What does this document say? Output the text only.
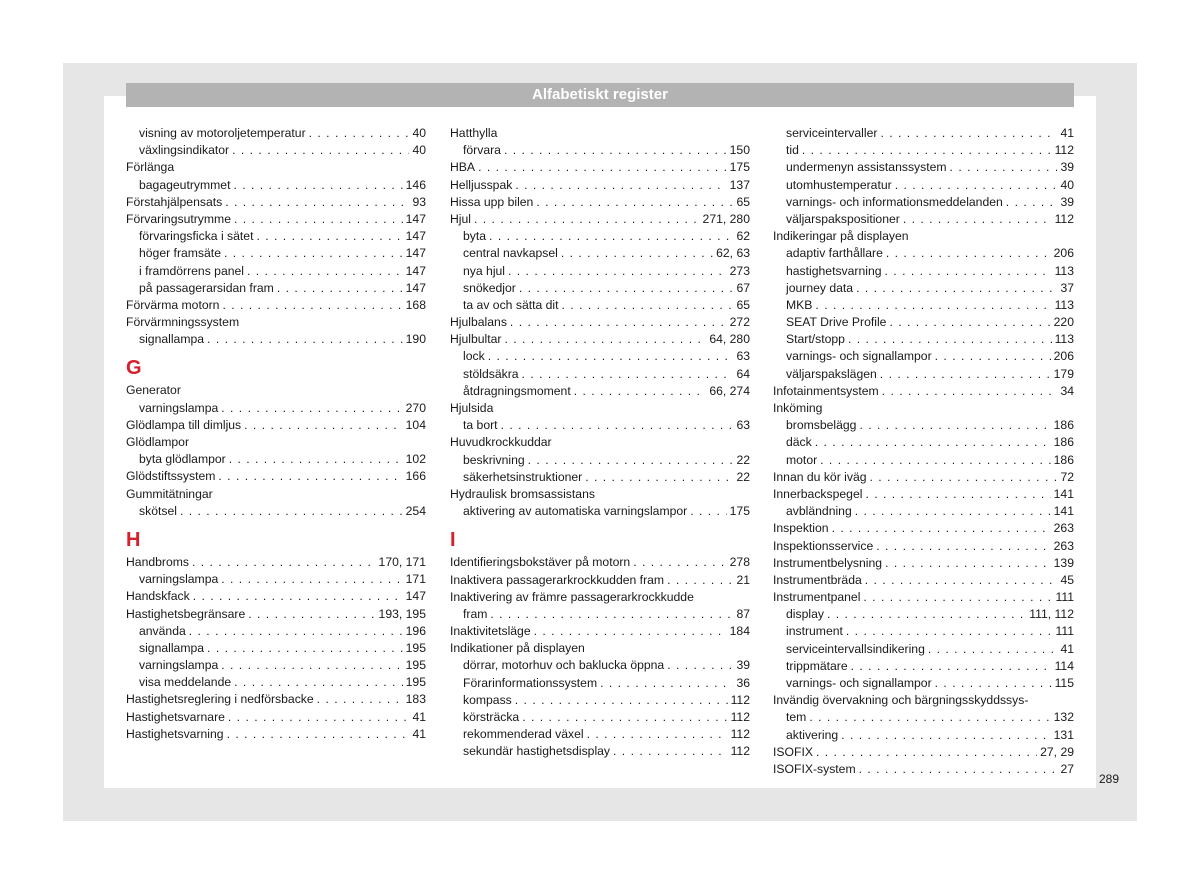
Alfabetiskt register
visning av motoroljetemperatur . . .	40
växlingsindikator . . .	40
Förlänga
bagageutrymmet . . .	146
Förstahjälpensats . . .	93
Förvaringsutrymme . . .	147
förvaringsficka i sätet . . .	147
höger framsäte . . .	147
i framdörrens panel . . .	147
på passagerarsidan fram . . .	147
Förvärma motorn . . .	168
Förvärmningssystem
signallampa . . .	190
G
Generator
varningslampa . . .	270
Glödlampa till dimljus . . .	104
Glödlampor
byta glödlampor . . .	102
Glödstiftssystem . . .	166
Gummitätningar
skötsel . . .	254
H
Handbroms . . .	170, 171
varningslampa . . .	171
Handskfack . . .	147
Hastighetsbegränsare . . .	193, 195
använda . . .	196
signallampa . . .	195
varningslampa . . .	195
visa meddelande . . .	195
Hastighetsreglering i nedförsbacke . . .	183
Hastighetsvarnare . . .	41
Hastighetsvarning . . .	41
Hatthylla
förvara . . .	150
HBA . . .	175
Helljusspak . . .	137
Hissa upp bilen . . .	65
Hjul . . .	271, 280
byta . . .	62
central navkapsel . . .	62, 63
nya hjul . . .	273
snökedjor . . .	67
ta av och sätta dit . . .	65
Hjulbalans . . .	272
Hjulbultar . . .	64, 280
lock . . .	63
stöldsäkra . . .	64
åtdragningsmoment . . .	66, 274
Hjulsida
ta bort . . .	63
Huvudkrockkuddar
beskrivning . . .	22
säkerhetsinstruktioner . . .	22
Hydraulisk bromsassistans
aktivering av automatiska varningslampor . . .	175
I
Identifieringsbokstäver på motorn . . .	278
Inaktivera passagerarkrockkudden fram . . .	21
Inaktivering av främre passagerarkrockkudde
fram . . .	87
Inaktivitetsläge . . .	184
Indikationer på displayen
dörrar, motorhuv och baklucka öppna . . .	39
Förarinformationssystem . . .	36
kompass . . .	112
körsträcka . . .	112
rekommenderad växel . . .	112
sekundär hastighetsdisplay . . .	112
serviceintervaller . . .	41
tid . . .	112
undermenyn assistanssystem . . .	39
utomhustemperatur . . .	40
varnings- och informationsmeddelanden . . .	39
väljarspakspositioner . . .	112
Indikeringar på displayen
adaptiv farthållare . . .	206
hastighetsvarning . . .	113
journey data . . .	37
MKB . . .	113
SEAT Drive Profile . . .	220
Start/stopp . . .	113
varnings- och signallampor . . .	206
väljarspakslägen . . .	179
Infotainmentsystem . . .	34
Inköming
bromsbelägg . . .	186
däck . . .	186
motor . . .	186
Innan du kör iväg . . .	72
Innerbackspegel . . .	141
avbländning . . .	141
Inspektion . . .	263
Inspektionsservice . . .	263
Instrumentbelysning . . .	139
Instrumentbräda . . .	45
Instrumentpanel . . .	111
display . . .	111, 112
instrument . . .	111
serviceintervallsindikering . . .	41
trippmätare . . .	114
varnings- och signallampor . . .	115
Invändig övervakning och bärgningsskyddssys-
tem . . .	132
aktivering . . .	131
ISOFIX . . .	27, 29
ISOFIX-system . . .	27
289
